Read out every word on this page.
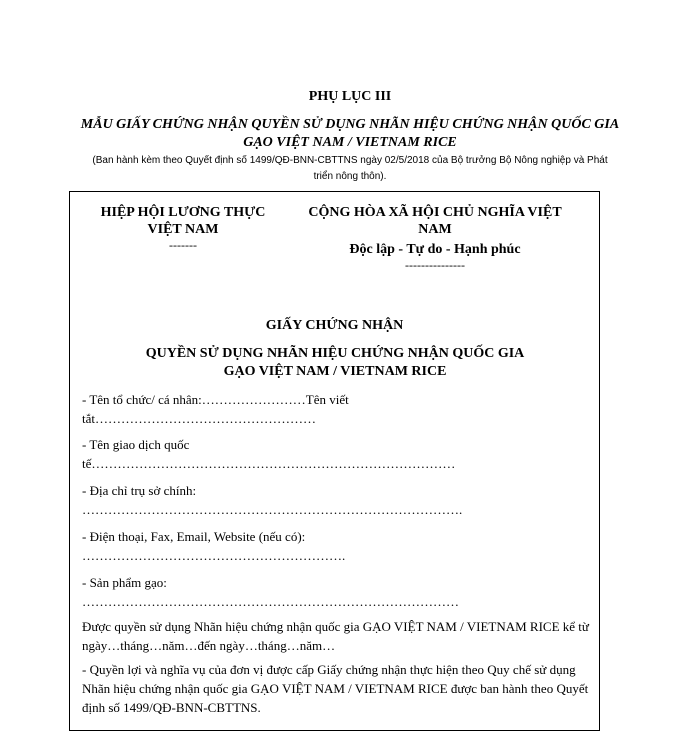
PHỤ LỤC III
MẪU GIẤY CHỨNG NHẬN QUYỀN SỬ DỤNG NHÃN HIỆU CHỨNG NHẬN QUỐC GIA GẠO VIỆT NAM / VIETNAM RICE
(Ban hành kèm theo Quyết định số 1499/QĐ-BNN-CBTTNS ngày 02/5/2018 của Bộ trưởng Bộ Nông nghiệp và Phát triển nông thôn).
HIỆP HỘI LƯƠNG THỰC
VIỆT NAM
-------
CỘNG HÒA XÃ HỘI CHỦ NGHĨA VIỆT
NAM
Độc lập - Tự do - Hạnh phúc
---------------
GIẤY CHỨNG NHẬN
QUYỀN SỬ DỤNG NHÃN HIỆU CHỨNG NHẬN QUỐC GIA
GẠO VIỆT NAM / VIETNAM RICE
- Tên tổ chức/ cá nhân:……………………Tên viết
tắt……………………………………………
- Tên giao dịch quốc
tế…………………………………………………………………………
- Địa chỉ trụ sở chính:
…………………………………………………………………………….
- Điện thoại, Fax, Email, Website (nếu có):
…………………………………………………….
- Sản phẩm gạo:
……………………………………………………………………………
Được quyền sử dụng Nhãn hiệu chứng nhận quốc gia GẠO VIỆT NAM / VIETNAM RICE kể từ ngày…tháng…năm…đến ngày…tháng…năm…
- Quyền lợi và nghĩa vụ của đơn vị được cấp Giấy chứng nhận thực hiện theo Quy chế sử dụng Nhãn hiệu chứng nhận quốc gia GẠO VIỆT NAM / VIETNAM RICE được ban hành theo Quyết định số 1499/QĐ-BNN-CBTTNS.
